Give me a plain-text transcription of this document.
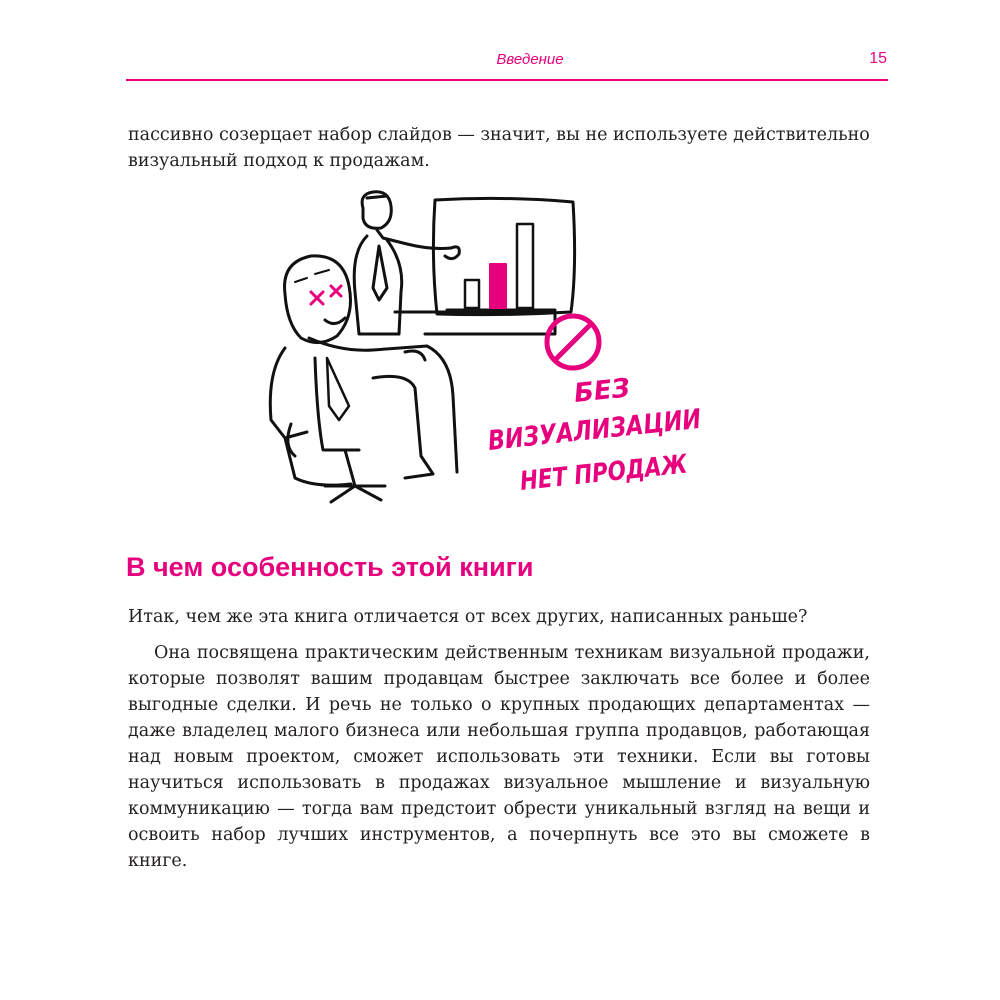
Введение	15

пассивно созерцает набор слайдов — значит, вы не используете действительно визуальный подход к продажам.

БЕЗ
ВИЗУАЛИЗАЦИИ
НЕТ ПРОДАЖ
В чем особенность этой книги

Итак, чем же эта книга отличается от всех других, написанных раньше?

Она посвящена практическим действенным техникам визуальной продажи, которые позволят вашим продавцам быстрее заключать все более и более выгодные сделки. И речь не только о крупных продающих департаментах — даже владелец малого бизнеса или небольшая группа продавцов, работающая над новым проектом, сможет использовать эти техники. Если вы готовы научиться использовать в продажах визуальное мышление и визуальную коммуникацию — тогда вам предстоит обрести уникальный взгляд на вещи и освоить набор лучших инструментов, а почерпнуть все это вы сможете в книге.
